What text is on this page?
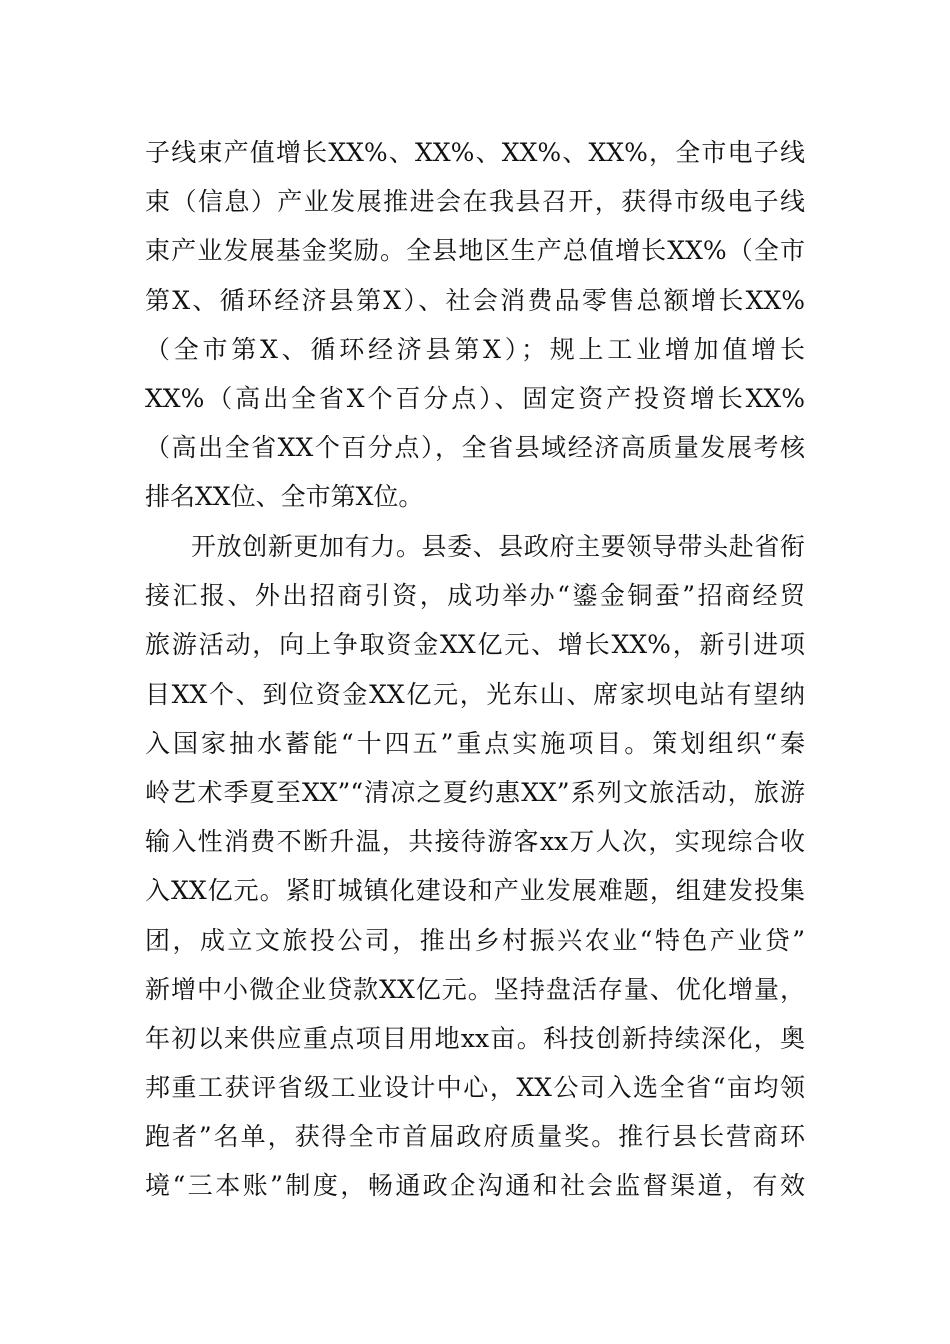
子线束产值增长XX%、XX%、XX%、XX%，全市电子线
束（信息）产业发展推进会在我县召开，获得市级电子线
束产业发展基金奖励。全县地区生产总值增长XX%（全市
第X、循环经济县第X）、社会消费品零售总额增长XX%
（全市第X、循环经济县第X）；规上工业增加值增长
XX%（高出全省X个百分点）、固定资产投资增长XX%
（高出全省XX个百分点），全省县域经济高质量发展考核
排名XX位、全市第X位。
开放创新更加有力。县委、县政府主要领导带头赴省衔
接汇报、外出招商引资，成功举办“鎏金铜蚕”招商经贸
旅游活动，向上争取资金XX亿元、增长XX%，新引进项
目XX个、到位资金XX亿元，光东山、席家坝电站有望纳
入国家抽水蓄能“十四五”重点实施项目。策划组织“秦
岭艺术季夏至XX”“清凉之夏约惠XX”系列文旅活动，旅游
输入性消费不断升温，共接待游客xx万人次，实现综合收
入XX亿元。紧盯城镇化建设和产业发展难题，组建发投集
团，成立文旅投公司，推出乡村振兴农业“特色产业贷”
新增中小微企业贷款XX亿元。坚持盘活存量、优化增量，
年初以来供应重点项目用地xx亩。科技创新持续深化，奥
邦重工获评省级工业设计中心，XX公司入选全省“亩均领
跑者”名单，获得全市首届政府质量奖。推行县长营商环
境“三本账”制度，畅通政企沟通和社会监督渠道，有效
